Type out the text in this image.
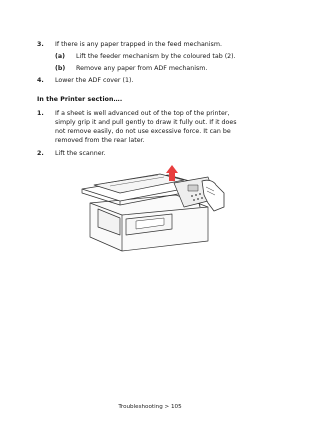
3. If there is any paper trapped in the feed mechanism.
(a) Lift the feeder mechanism by the coloured tab (2).
(b) Remove any paper from ADF mechanism.
4. Lower the ADF cover (1).
In the Printer section….
1. If a sheet is well advanced out of the top of the printer,
simply grip it and pull gently to draw it fully out. If it does
not remove easily, do not use excessive force. It can be
removed from the rear later.
2. Lift the scanner.
Troubleshooting > 105
